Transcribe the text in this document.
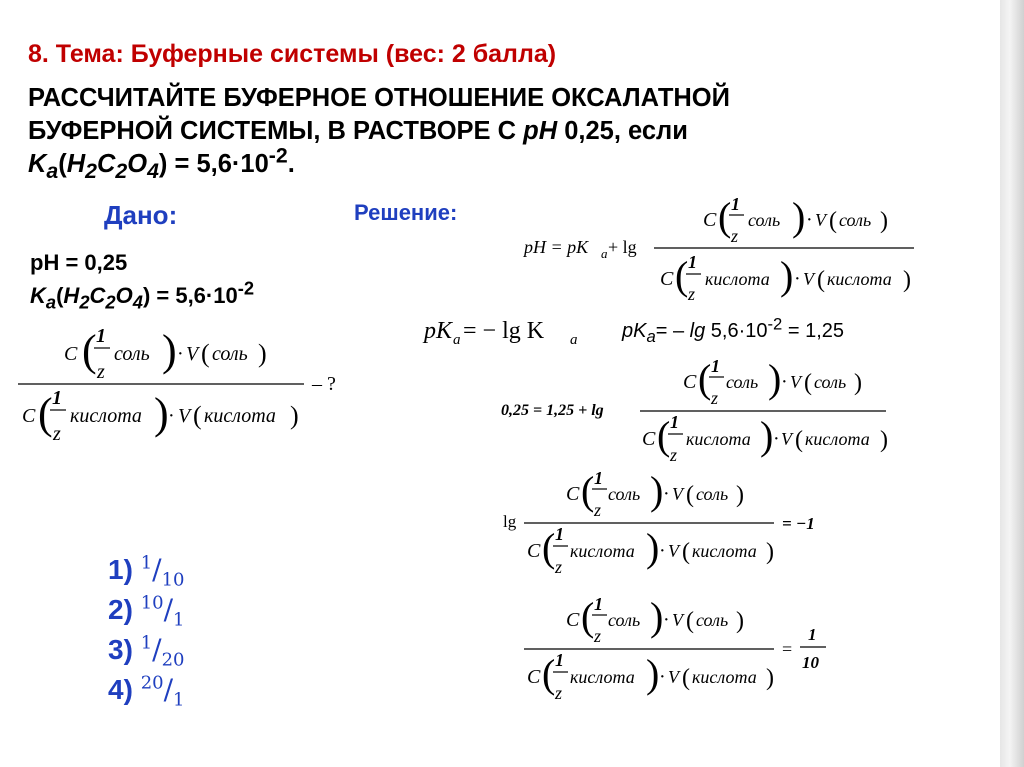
8. Тема: Буферные системы (вес: 2 балла)
РАССЧИТАЙТЕ БУФЕРНОЕ ОТНОШЕНИЕ ОКСАЛАТНОЙ
БУФЕРНОЙ СИСТЕМЫ, В РАСТВОРЕ С pH 0,25, если
$K_a(H_2C_2O_4) = 5,6\cdot 10^{-2}$.
Дано:
pH = 0,25
$K_a(H_2C_2O_4) = 5,6\cdot 10^{-2}$
Решение:
$pK_a= - \lg 5,6\cdot 10^{-2} = 1,25$
C ( 1
z
соль ) · V ( соль )
– ?
C ( 1
z
кислота ) · V ( кислота )
pH = pK a + lg
C ( 1
z
соль ) · V ( соль )
C ( 1
z
кислота ) · V ( кислота )
pK a = − lg K a
0,25 = 1,25 + lg
C ( 1
z
соль ) · V ( соль )
C ( 1
z
кислота ) · V ( кислота )
lg
C ( 1
z
соль ) · V ( соль )
= −1
C ( 1
z
кислота ) · V ( кислота )
C ( 1
z
соль ) · V ( соль )
=
1
10
C ( 1
z
кислота ) · V ( кислота )
1) $^1/_{10}$
2) $^{10}/_1$
3) $^1/_{20}$
4) $^{20}/_1$
